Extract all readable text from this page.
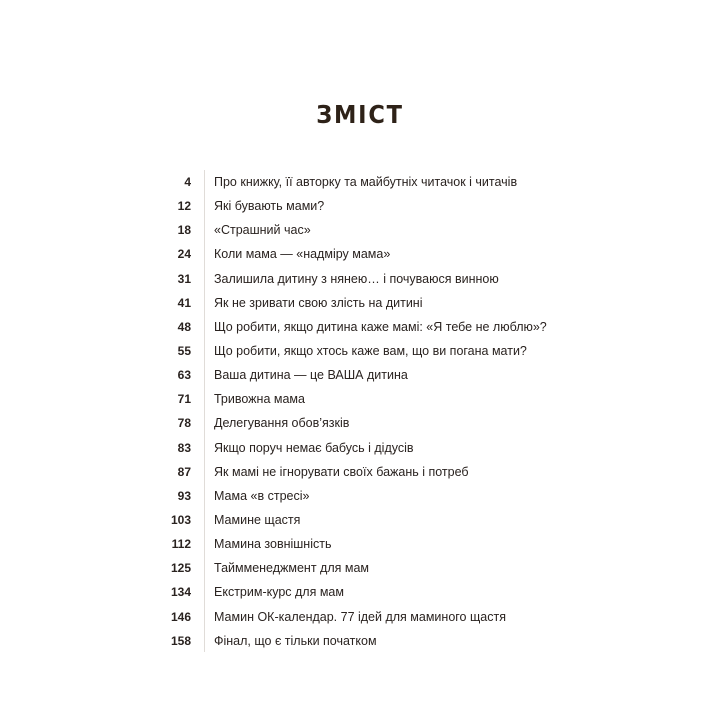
ЗМІСТ
4 Про книжку, її авторку та майбутніх читачок і читачів
12 Які бувають мами?
18 «Страшний час»
24 Коли мама — «надміру мама»
31 Залишила дитину з нянею… і почуваюся винною
41 Як не зривати свою злість на дитині
48 Що робити, якщо дитина каже мамі: «Я тебе не люблю»?
55 Що робити, якщо хтось каже вам, що ви погана мати?
63 Ваша дитина — це ВАША дитина
71 Тривожна мама
78 Делегування обов’язків
83 Якщо поруч немає бабусь і дідусів
87 Як мамі не ігнорувати своїх бажань і потреб
93 Мама «в стресі»
103 Мамине щастя
112 Мамина зовнішність
125 Таймменеджмент для мам
134 Екстрим-курс для мам
146 Мамин ОК-календар. 77 ідей для маминого щастя
158 Фінал, що є тільки початком
